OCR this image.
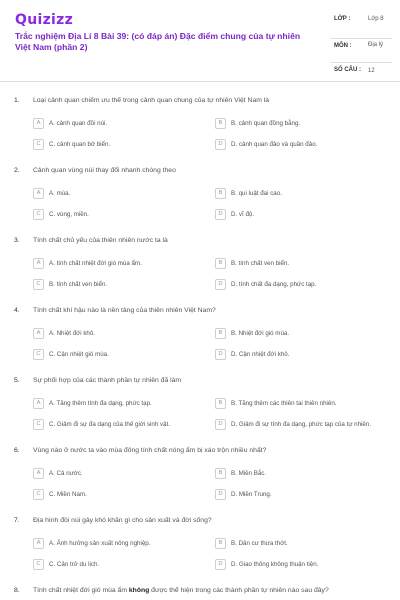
Quizizz
Trắc nghiệm Địa Lí 8 Bài 39: (có đáp án) Đặc điểm chung của tự nhiên Việt Nam (phần 2)
LỚP :	Lớp 8
MÔN :	Địa lý
SỐ CÂU : 12
1. Loại cảnh quan chiếm ưu thế trong cảnh quan chung của tự nhiên Việt Nam là
A	A. cảnh quan đồi núi.	B	B. cảnh quan đồng bằng.
C	C. cảnh quan bờ biển.	D	D. cảnh quan đảo và quần đảo.
2. Cảnh quan vùng núi thay đổi nhanh chóng theo
A	A. mùa.	B	B. qui luật đai cao.
C	C. vùng, miền.	D	D. vĩ độ.
3. Tính chất chủ yếu của thiên nhiên nước ta là
A	A. tính chất nhiệt đới gió mùa ẩm.	B	B. tính chất ven biển.
C	B. tính chất ven biển.	D	D. tính chất đa dạng, phức tạp.
4. Tính chất khí hậu nào là nền tảng của thiên nhiên Việt Nam?
A	A. Nhiệt đới khô.	B	B. Nhiệt đới gió mùa.
C	C. Cận nhiệt gió mùa.	D	D. Cận nhiệt đới khô.
5. Sự phối hợp của các thành phần tự nhiên đã làm
A	A. Tăng thêm tính đa dạng, phức tạp.	B	B. Tăng thêm các thiên tai thiên nhiên.
C	C. Giảm đi sự đa dạng của thế giới sinh vật.	D	D. Giảm đi sự tính đa dạng, phức tạp của tự nhiên.
6. Vùng nào ở nước ta vào mùa đông tính chất nóng ẩm bị xáo trộn nhiều nhất?
A	A. Cả nước.	B	B. Miền Bắc.
C	C. Miền Nam.	D	D. Miền Trung.
7. Địa hình đồi núi gây khó khăn gì cho sản xuất và đời sống?
A	A. Ảnh hưởng sản xuất nông nghiệp.	B	B. Dân cư thưa thớt.
C	C. Cản trở du lịch.	D	D. Giao thông không thuận tiện.
8. Tính chất nhiệt đới gió mùa ẩm không được thể hiện trong các thành phần tự nhiên nào sau đây?
